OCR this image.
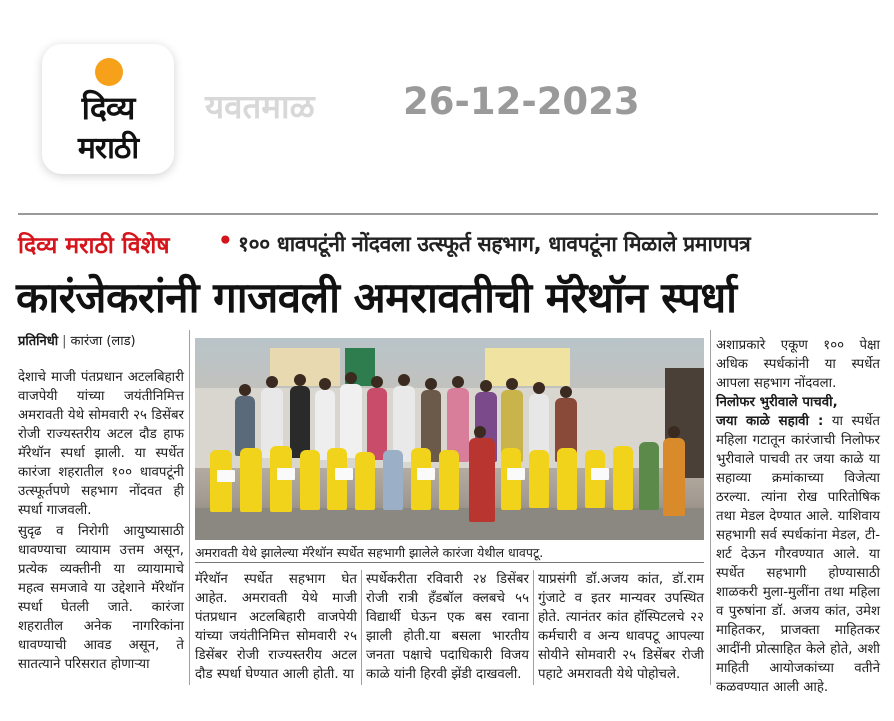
दिव्य
मराठी
यवतमाळ 26-12-2023
दिव्य मराठी विशेष • १०० धावपटूंनी नोंदवला उत्स्फूर्त सहभाग, धावपटूंना मिळाले प्रमाणपत्र
कारंजेकरांनी गाजवली अमरावतीची मॅरेथॉन स्पर्धा
प्रतिनिधी | कारंजा (लाड)
अमरावती येथे झालेल्या मॅरेथॉन स्पर्धेत सहभागी झालेले कारंजा येथील धावपटू.

देशाचे माजी पंतप्रधान अटलबिहारी वाजपेयी यांच्या जयंतीनिमित्त अमरावती येथे सोमवारी २५ डिसेंबर रोजी राज्यस्तरीय अटल दौड हाफ मॅरेथॉन स्पर्धा झाली. या स्पर्धेत कारंजा शहरातील १०० धावपटूंनी उत्स्फूर्तपणे सहभाग नोंदवत ही स्पर्धा गाजवली.

सुदृढ व निरोगी आयुष्यासाठी धावण्याचा व्यायाम उत्तम असून, प्रत्येक व्यक्तीनी या व्यायामाचे महत्व समजावे या उद्देशाने मॅरेथॉन स्पर्धा घेतली जाते. कारंजा शहरातील अनेक नागरिकांना धावण्याची आवड असून, ते सातत्याने परिसरात होणाऱ्या

मॅरेथॉन स्पर्धेत सहभाग घेत आहेत. अमरावती येथे माजी पंतप्रधान अटलबिहारी वाजपेयी यांच्या जयंतीनिमित्त सोमवारी २५ डिसेंबर रोजी राज्यस्तरीय अटल दौड स्पर्धा घेण्यात आली होती. या
स्पर्धेकरीता रविवारी २४ डिसेंबर रोजी रात्री हँडबॉल क्लबचे ५५ विद्यार्थी घेऊन एक बस रवाना झाली होती.या बसला भारतीय जनता पक्षाचे पदाधिकारी विजय काळे यांनी हिरवी झेंडी दाखवली.
याप्रसंगी डॉ.अजय कांत, डॉ.राम गुंजाटे व इतर मान्यवर उपस्थित होते. त्यानंतर कांत हॉस्पिटलचे २२ कर्मचारी व अन्य धावपटू आपल्या सोयीने सोमवारी २५ डिसेंबर रोजी पहाटे अमरावती येथे पोहोचले.

अशाप्रकारे एकूण १०० पेक्षा अधिक स्पर्धकांनी या स्पर्धेत आपला सहभाग नोंदवला.

निलोफर भुरीवाले पाचवी,

जया काळे सहावी : या स्पर्धेत महिला गटातून कारंजाची निलोफर भुरीवाले पाचवी तर जया काळे या सहाव्या क्रमांकाच्या विजेत्या ठरल्या. त्यांना रोख पारितोषिक तथा मेडल देण्यात आले. याशिवाय सहभागी सर्व स्पर्धकांना मेडल, टी- शर्ट देऊन गौरवण्यात आले. या स्पर्धेत सहभागी होण्यासाठी शाळकरी मुला-मुलींना तथा महिला व पुरुषांना डॉ. अजय कांत, उमेश माहितकर, प्राजक्ता माहितकर आदींनी प्रोत्साहित केले होते, अशी माहिती आयोजकांच्या वतीने कळवण्यात आली आहे.
